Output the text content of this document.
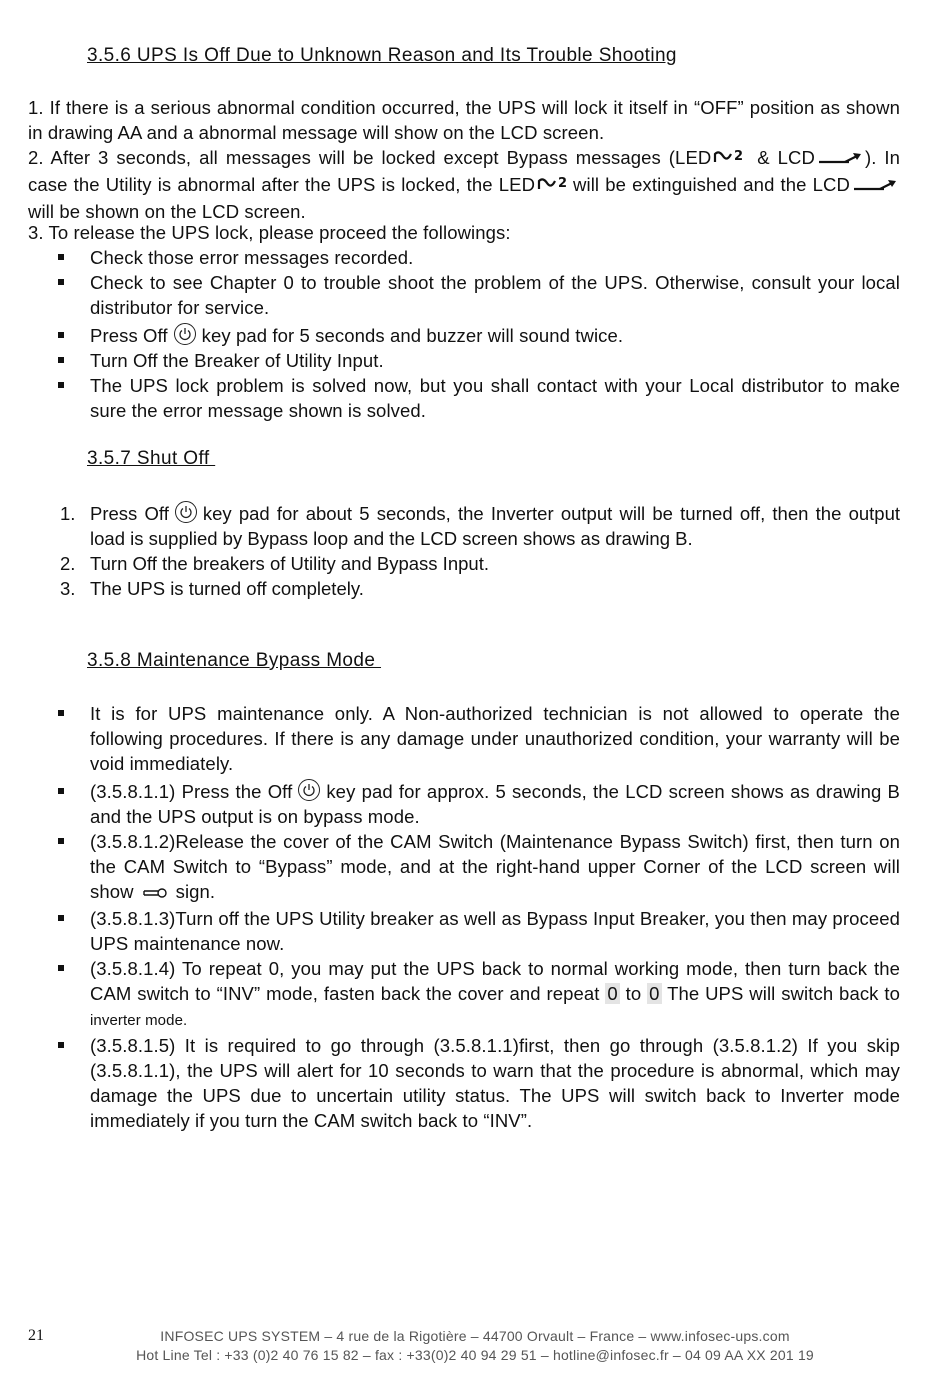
3.5.6 UPS Is Off Due to Unknown Reason and Its Trouble Shooting
1. If there is a serious abnormal condition occurred, the UPS will lock it itself in “OFF” position as shown in drawing AA and a abnormal message will show on the LCD screen.
2. After 3 seconds, all messages will be locked except Bypass messages (LED 2 & LCD	). In case the Utility is abnormal after the UPS is locked, the LED 2 will be extinguished and the LCD will be shown on the LCD screen.
3. To release the UPS lock, please proceed the followings:
Check those error messages recorded.
Check to see Chapter 0 to trouble shoot the problem of the UPS. Otherwise, consult your local distributor for service.
Press Off key pad for 5 seconds and buzzer will sound twice.
Turn Off the Breaker of Utility Input.
The UPS lock problem is solved now, but you shall contact with your Local distributor to make sure the error message shown is solved.
3.5.7 Shut Off
1. Press Off key pad for about 5 seconds, the Inverter output will be turned off, then the output load is supplied by Bypass loop and the LCD screen shows as drawing B.
2. Turn Off the breakers of Utility and Bypass Input.
3. The UPS is turned off completely.
3.5.8 Maintenance Bypass Mode
It is for UPS maintenance only. A Non-authorized technician is not allowed to operate the following procedures. If there is any damage under unauthorized condition, your warranty will be void immediately.
(3.5.8.1.1) Press the Off key pad for approx. 5 seconds, the LCD screen shows as drawing B and the UPS output is on bypass mode.
(3.5.8.1.2)Release the cover of the CAM Switch (Maintenance Bypass Switch) first, then turn on the CAM Switch to “Bypass” mode, and at the right-hand upper Corner of the LCD screen will show sign.
(3.5.8.1.3)Turn off the UPS Utility breaker as well as Bypass Input Breaker, you then may proceed UPS maintenance now.
(3.5.8.1.4) To repeat 0, you may put the UPS back to normal working mode, then turn back the CAM switch to “INV” mode, fasten back the cover and repeat 0 to 0 The UPS will switch back to inverter mode.
(3.5.8.1.5) It is required to go through (3.5.8.1.1)first, then go through (3.5.8.1.2) If you skip (3.5.8.1.1), the UPS will alert for 10 seconds to warn that the procedure is abnormal, which may damage the UPS due to uncertain utility status. The UPS will switch back to Inverter mode immediately if you turn the CAM switch back to “INV”.
21	INFOSEC UPS SYSTEM – 4 rue de la Rigotière – 44700 Orvault – France – www.infosec-ups.com
Hot Line Tel : +33 (0)2 40 76 15 82 – fax : +33(0)2 40 94 29 51 – hotline@infosec.fr – 04 09 AA XX 201 19
